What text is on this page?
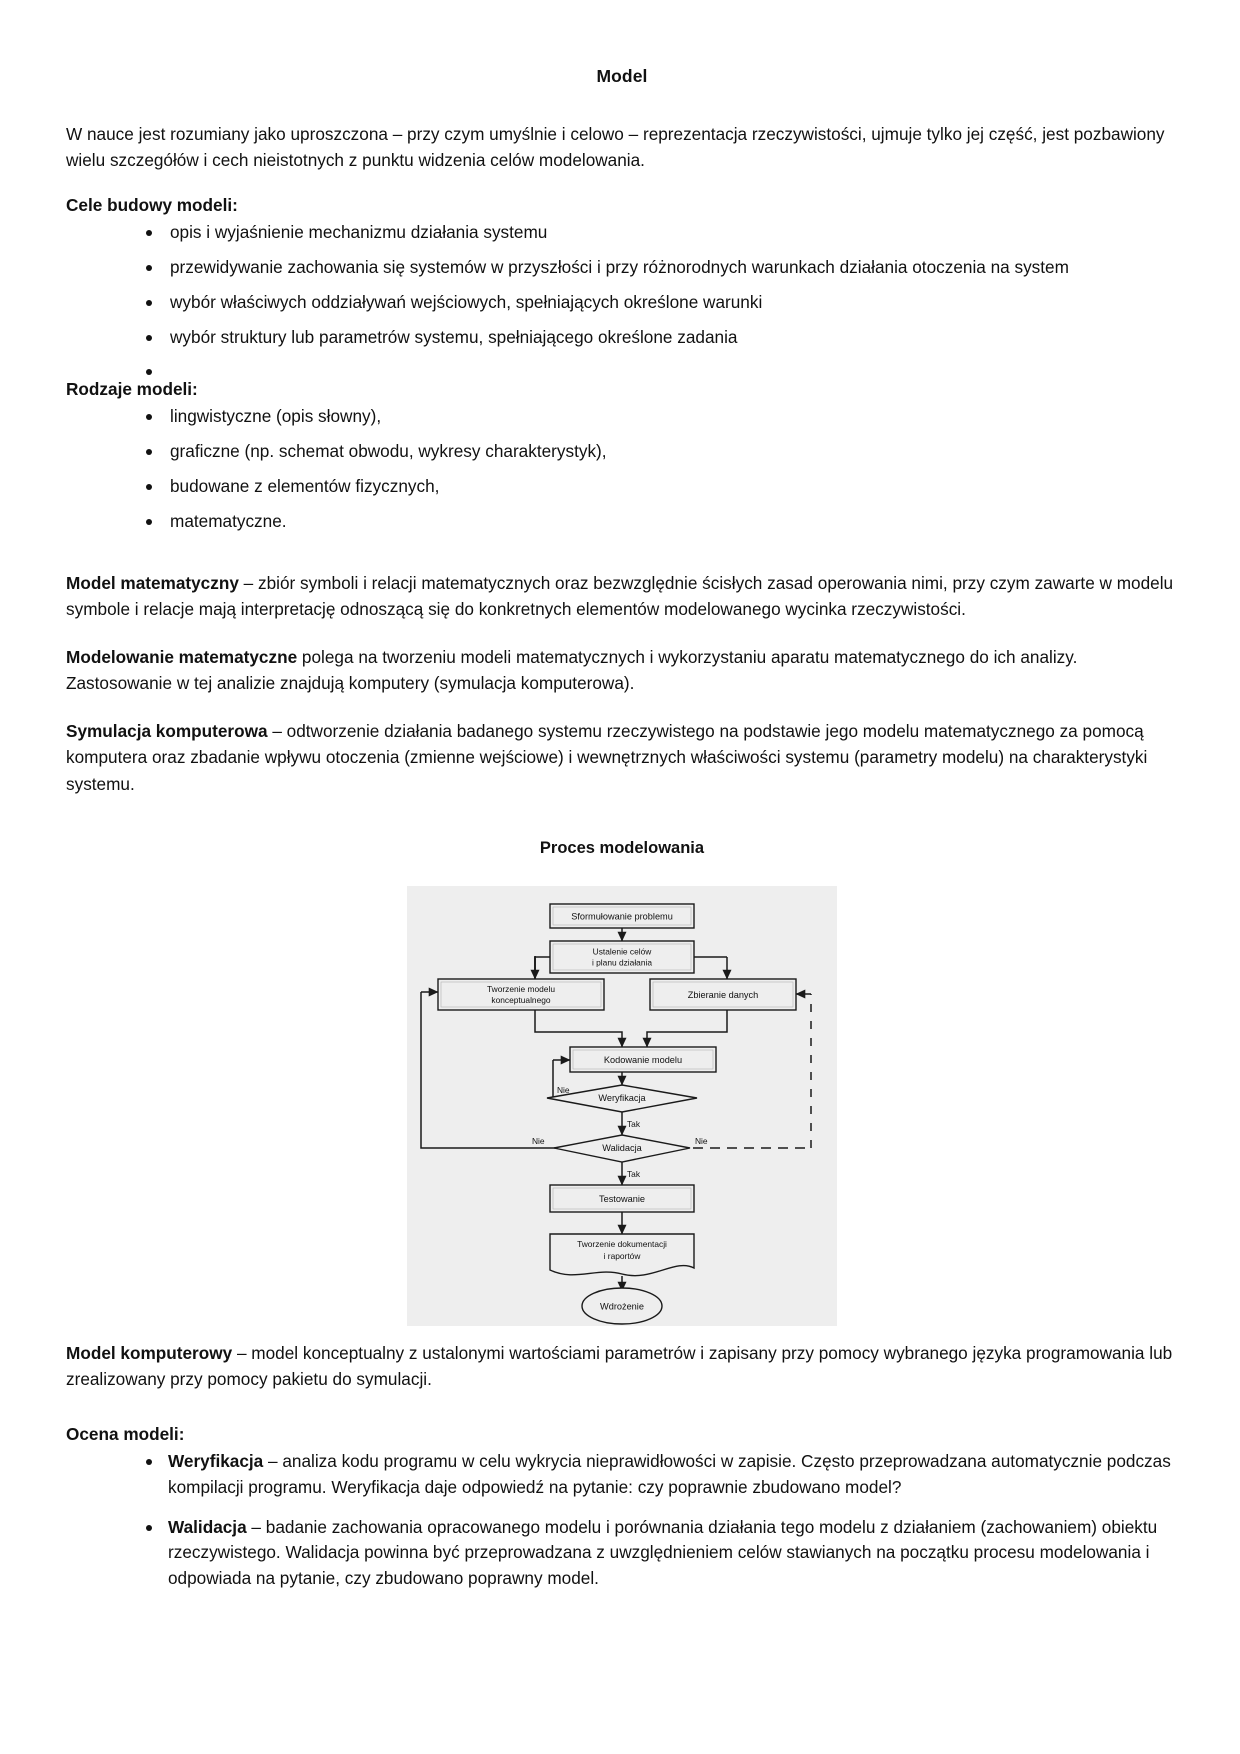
Model

W nauce jest rozumiany jako uproszczona – przy czym umyślnie i celowo – reprezentacja rzeczywistości, ujmuje tylko jej część, jest pozbawiony wielu szczegółów i cech nieistotnych z punktu widzenia celów modelowania.

Cele budowy modeli:
opis i wyjaśnienie mechanizmu działania systemu
przewidywanie zachowania się systemów w przyszłości i przy różnorodnych warunkach działania otoczenia na system
wybór właściwych oddziaływań wejściowych, spełniających określone warunki
wybór struktury lub parametrów systemu, spełniającego określone zadania
Rodzaje modeli:
lingwistyczne (opis słowny),
graficzne (np. schemat obwodu, wykresy charakterystyk),
budowane z elementów fizycznych,
matematyczne.

Model matematyczny – zbiór symboli i relacji matematycznych oraz bezwzględnie ścisłych zasad operowania nimi, przy czym zawarte w modelu symbole i relacje mają interpretację odnoszącą się do konkretnych elementów modelowanego wycinka rzeczywistości.

Modelowanie matematyczne polega na tworzeniu modeli matematycznych i wykorzystaniu aparatu matematycznego do ich analizy. Zastosowanie w tej analizie znajdują komputery (symulacja komputerowa).

Symulacja komputerowa – odtworzenie działania badanego systemu rzeczywistego na podstawie jego modelu matematycznego za pomocą komputera oraz zbadanie wpływu otoczenia (zmienne wejściowe) i wewnętrznych właściwości systemu (parametry modelu) na charakterystyki systemu.

Proces modelowania
Sformułowanie problemu
Ustalenie celów
i planu działania
Tworzenie modelu
konceptualnego	Zbieranie danych
Kodowanie modelu
Weryfikacja
Walidacja
Testowanie
Tworzenie dokumentacji
i raportów
Wdrożenie
Nie
Tak
Nie	Nie
Tak

Model komputerowy – model konceptualny z ustalonymi wartościami parametrów i zapisany przy pomocy wybranego języka programowania lub zrealizowany przy pomocy pakietu do symulacji.

Ocena modeli:
Weryfikacja – analiza kodu programu w celu wykrycia nieprawidłowości w zapisie. Często przeprowadzana automatycznie podczas kompilacji programu. Weryfikacja daje odpowiedź na pytanie: czy poprawnie zbudowano model?
Walidacja – badanie zachowania opracowanego modelu i porównania działania tego modelu z działaniem (zachowaniem) obiektu rzeczywistego. Walidacja powinna być przeprowadzana z uwzględnieniem celów stawianych na początku procesu modelowania i odpowiada na pytanie, czy zbudowano poprawny model.
